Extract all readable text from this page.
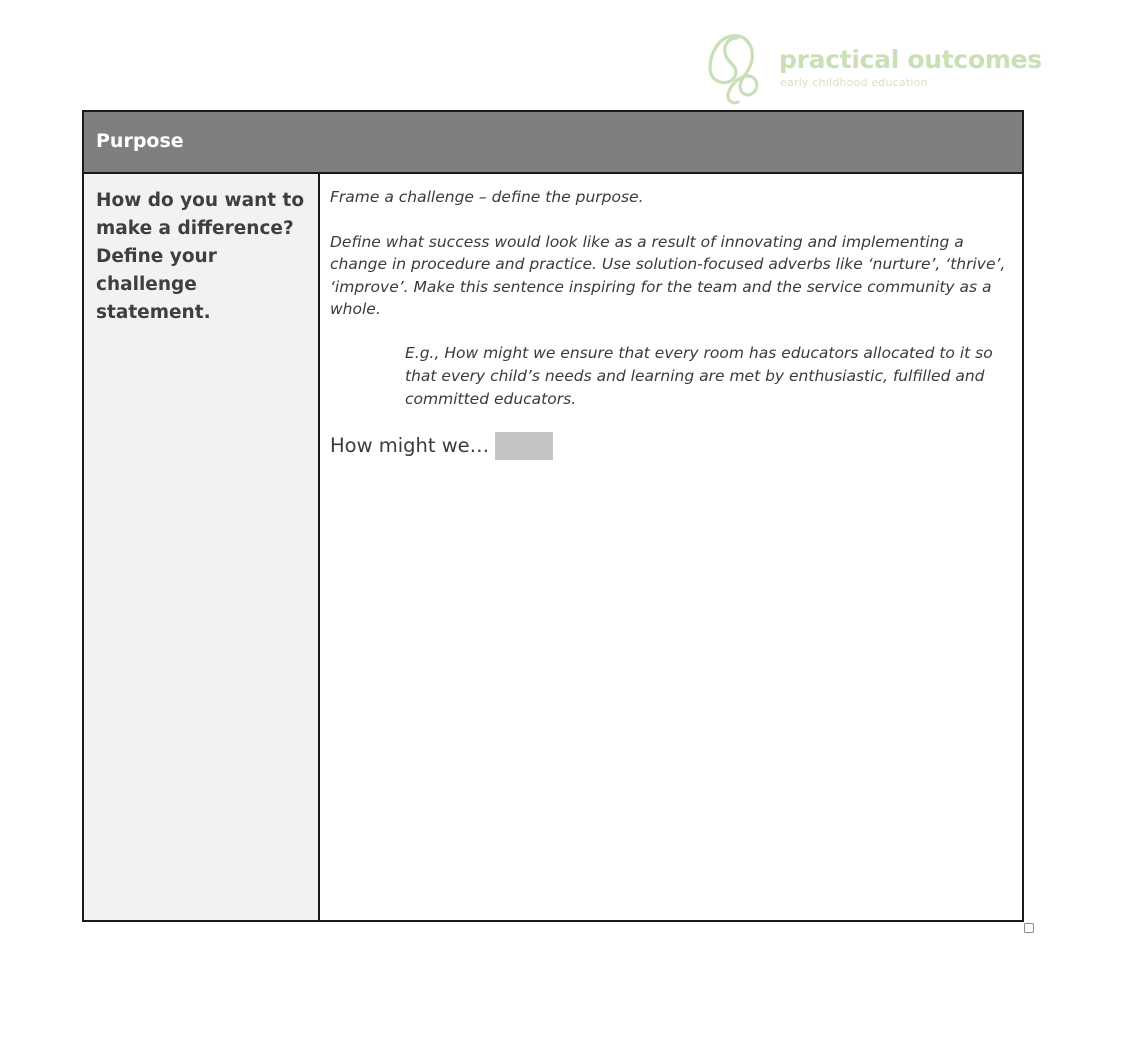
practical outcomes
early childhood education
Purpose
How do you want to make a difference? Define your challenge statement.

Frame a challenge – define the purpose.

Define what success would look like as a result of innovating and implementing a change in procedure and practice. Use solution-focused adverbs like ‘nurture’, ‘thrive’, ‘improve’. Make this sentence inspiring for the team and the service community as a whole.

E.g., How might we ensure that every room has educators allocated to it so that every child’s needs and learning are met by enthusiastic, fulfilled and committed educators.
How might we…
